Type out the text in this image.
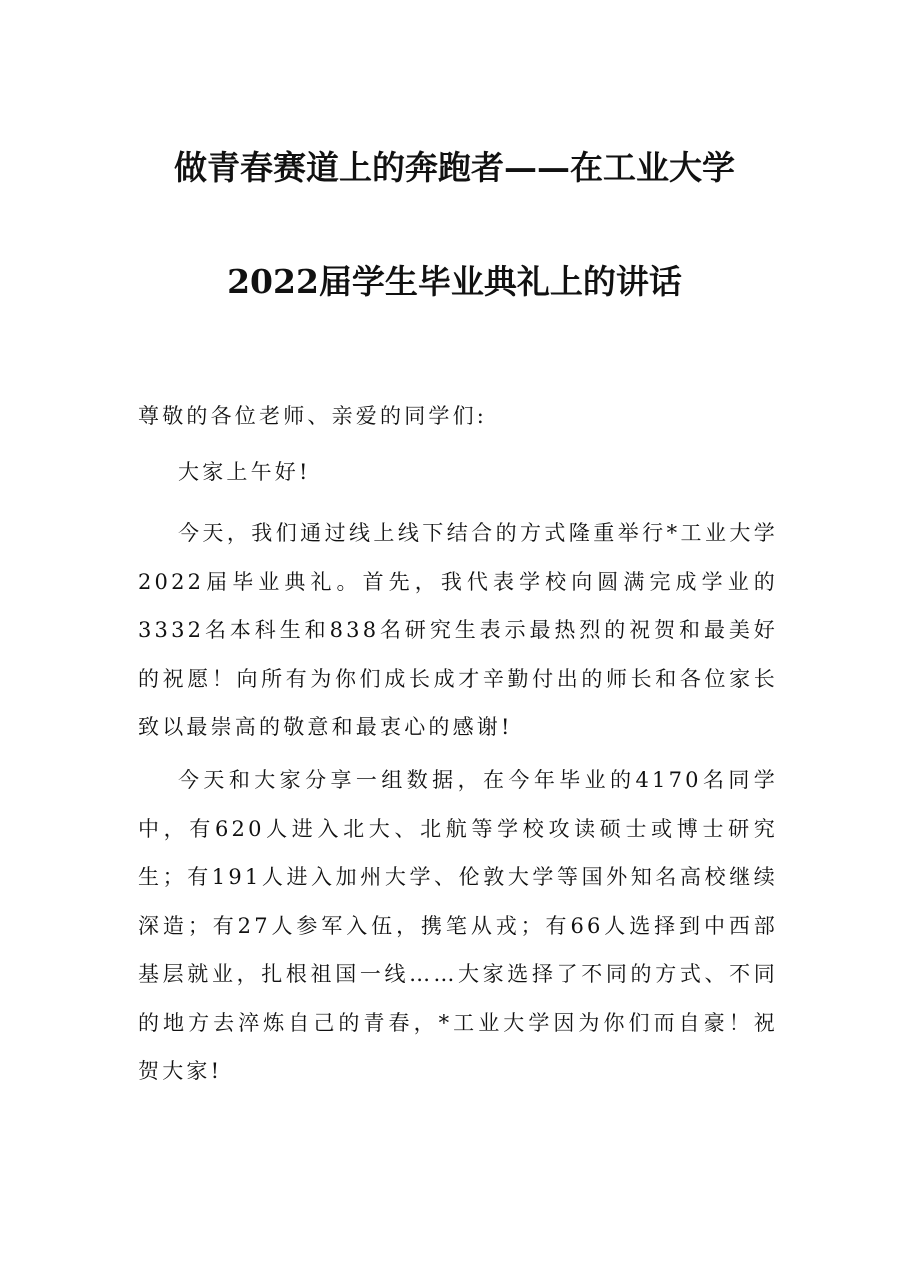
做青春赛道上的奔跑者——在工业大学
2022届学生毕业典礼上的讲话
尊敬的各位老师、亲爱的同学们:
大家上午好!
今天，我们通过线上线下结合的方式隆重举行*工业大学2022届毕业典礼。首先，我代表学校向圆满完成学业的3332名本科生和838名研究生表示最热烈的祝贺和最美好的祝愿！向所有为你们成长成才辛勤付出的师长和各位家长致以最崇高的敬意和最衷心的感谢!
今天和大家分享一组数据，在今年毕业的4170名同学中，有620人进入北大、北航等学校攻读硕士或博士研究生；有191人进入加州大学、伦敦大学等国外知名高校继续深造；有27人参军入伍，携笔从戎；有66人选择到中西部基层就业，扎根祖国一线……大家选择了不同的方式、不同的地方去淬炼自己的青春，*工业大学因为你们而自豪！祝贺大家!
